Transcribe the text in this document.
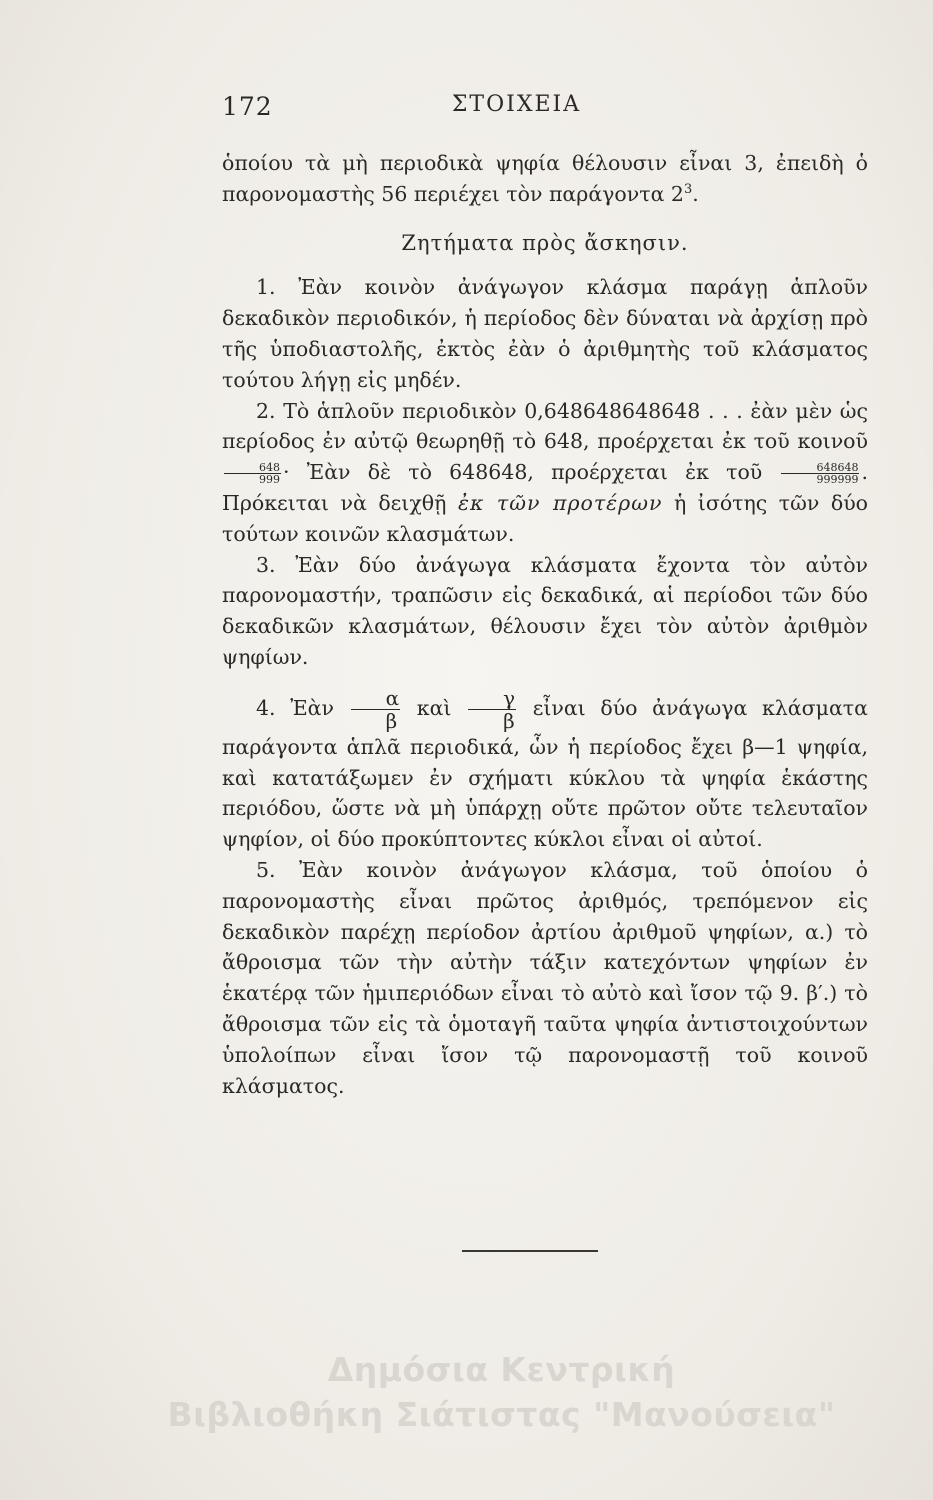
172	ΣΤΟΙΧΕΙΑ

ὁποίου τὰ μὴ περιοδικὰ ψηφία θέλουσιν εἶναι 3, ἐπειδὴ ὁ παρονομαστὴς 56 περιέχει τὸν παράγοντα $2^3$.

Ζητήματα πρὸς ἄσκησιν.

1. Ἐὰν κοινὸν ἀνάγωγον κλάσμα παράγῃ ἁπλοῦν δεκαδικὸν περιοδικόν, ἡ περίοδος δὲν δύναται νὰ ἀρχίσῃ πρὸ τῆς ὑποδιαστολῆς, ἐκτὸς ἐὰν ὁ ἀριθμητὴς τοῦ κλάσματος τούτου λήγῃ εἰς μηδέν.

2. Τὸ ἁπλοῦν περιοδικὸν 0,648648648648 . . . ἐὰν μὲν ὡς περίοδος ἐν αὐτῷ θεωρηθῇ τὸ 648, προέρχεται ἐκ τοῦ κοινοῦ
$\frac{648}{999}$ · Ἐὰν δὲ τὸ 648648, προέρχεται ἐκ τοῦ $\frac{648648}{999999}$ . Πρόκειται νὰ δειχθῇ ἐκ τῶν προτέρων ἡ ἰσότης τῶν δύο τούτων κοινῶν κλασμάτων.

3. Ἐὰν δύο ἀνάγωγα κλάσματα ἔχοντα τὸν αὐτὸν παρονομαστήν, τραπῶσιν εἰς δεκαδικά, αἱ περίοδοι τῶν δύο δεκαδικῶν κλασμάτων, θέλουσιν ἔχει τὸν αὐτὸν ἀριθμὸν ψηφίων.

4. Ἐὰν $\frac{\alpha}{\beta}$ καὶ $\frac{\gamma}{\beta}$ εἶναι δύο ἀνάγωγα κλάσματα παράγοντα ἁπλᾶ περιοδικά, ὧν ἡ περίοδος ἔχει β—1 ψηφία, καὶ κατατάξωμεν ἐν σχήματι κύκλου τὰ ψηφία ἑκάστης περιόδου, ὥστε νὰ μὴ ὑπάρχῃ οὔτε πρῶτον οὔτε τελευταῖον ψηφίον, οἱ δύο προκύπτοντες κύκλοι εἶναι οἱ αὐτοί.

5. Ἐὰν κοινὸν ἀνάγωγον κλάσμα, τοῦ ὁποίου ὁ παρονομαστὴς εἶναι πρῶτος ἀριθμός, τρεπόμενον εἰς δεκαδικὸν παρέχῃ περίοδον ἀρτίου ἀριθμοῦ ψηφίων, α.) τὸ ἄθροισμα τῶν τὴν αὐτὴν τάξιν κατεχόντων ψηφίων ἐν ἑκατέρᾳ τῶν ἡμιπεριόδων εἶναι τὸ αὐτὸ καὶ ἴσον τῷ 9. β′.) τὸ ἄθροισμα τῶν εἰς τὰ ὁμοταγῆ ταῦτα ψηφία ἀντιστοιχούντων ὑπολοίπων εἶναι ἴσον τῷ παρονομαστῇ τοῦ κοινοῦ κλάσματος.

Δημόσια Κεντρική
Βιβλιοθήκη Σιάτιστας "Μανούσεια"
